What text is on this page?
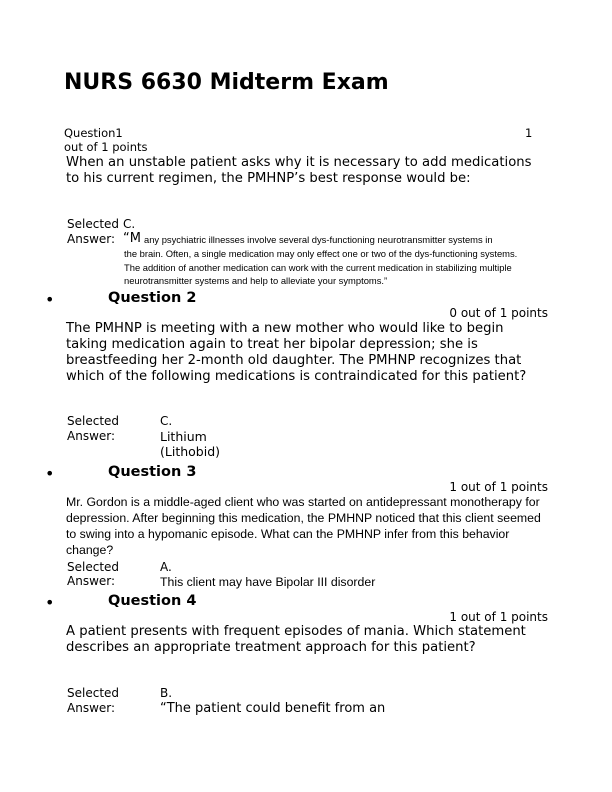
NURS 6630 Midterm Exam
Question1	1
out of 1 points
When an unstable patient asks why it is necessary to add medications to his current regimen, the PMHNP’s best response would be:
Selected C.
Answer: “M any psychiatric illnesses involve several dys-functioning neurotransmitter systems in
the brain. Often, a single medication may only effect one or two of the dys-functioning systems. The addition of another medication can work with the current medication in stabilizing multiple neurotransmitter systems and help to alleviate your symptoms.”
•	Question 2
0 out of 1 points
The PMHNP is meeting with a new mother who would like to begin taking medication again to treat her bipolar depression; she is breastfeeding her 2-month old daughter. The PMHNP recognizes that which of the following medications is contraindicated for this patient?
Selected	C.
Answer:	Lithium (Lithobid)
•	Question 3
1 out of 1 points
Mr. Gordon is a middle-aged client who was started on antidepressant monotherapy for depression. After beginning this medication, the PMHNP noticed that this client seemed to swing into a hypomanic episode. What can the PMHNP infer from this behavior change?
Selected	A.
Answer:	This client may have Bipolar III disorder
•	Question 4
1 out of 1 points
A patient presents with frequent episodes of mania. Which statement describes an appropriate treatment approach for this patient?
Selected	B.
Answer:	“The patient could benefit from an
